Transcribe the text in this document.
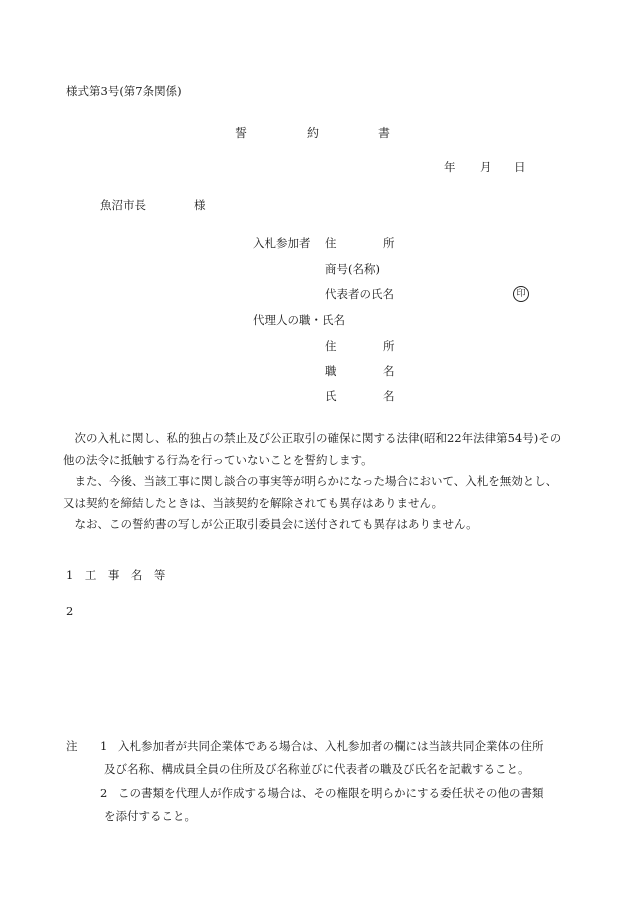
様式第3号(第7条関係)
誓	約	書
年 月 日
魚沼市長	様
入札参加者 住	所
商号(名称)
代表者の氏名	印
代理人の職・氏名
住	所
職	名
氏	名

　次の入札に関し、私的独占の禁止及び公正取引の確保に関する法律(昭和22年法律第54号)その他の法令に抵触する行為を行っていないことを誓約します。

　また、今後、当該工事に関し談合の事実等が明らかになった場合において、入札を無効とし、又は契約を締結したときは、当該契約を解除されても異存はありません。

　なお、この誓約書の写しが公正取引委員会に送付されても異存はありません。

1　工　事　名　等
2
注 1 入札参加者が共同企業体である場合は、入札参加者の欄には当該共同企業体の住所
及び名称、構成員全員の住所及び名称並びに代表者の職及び氏名を記載すること。
2 この書類を代理人が作成する場合は、その権限を明らかにする委任状その他の書類
を添付すること。
